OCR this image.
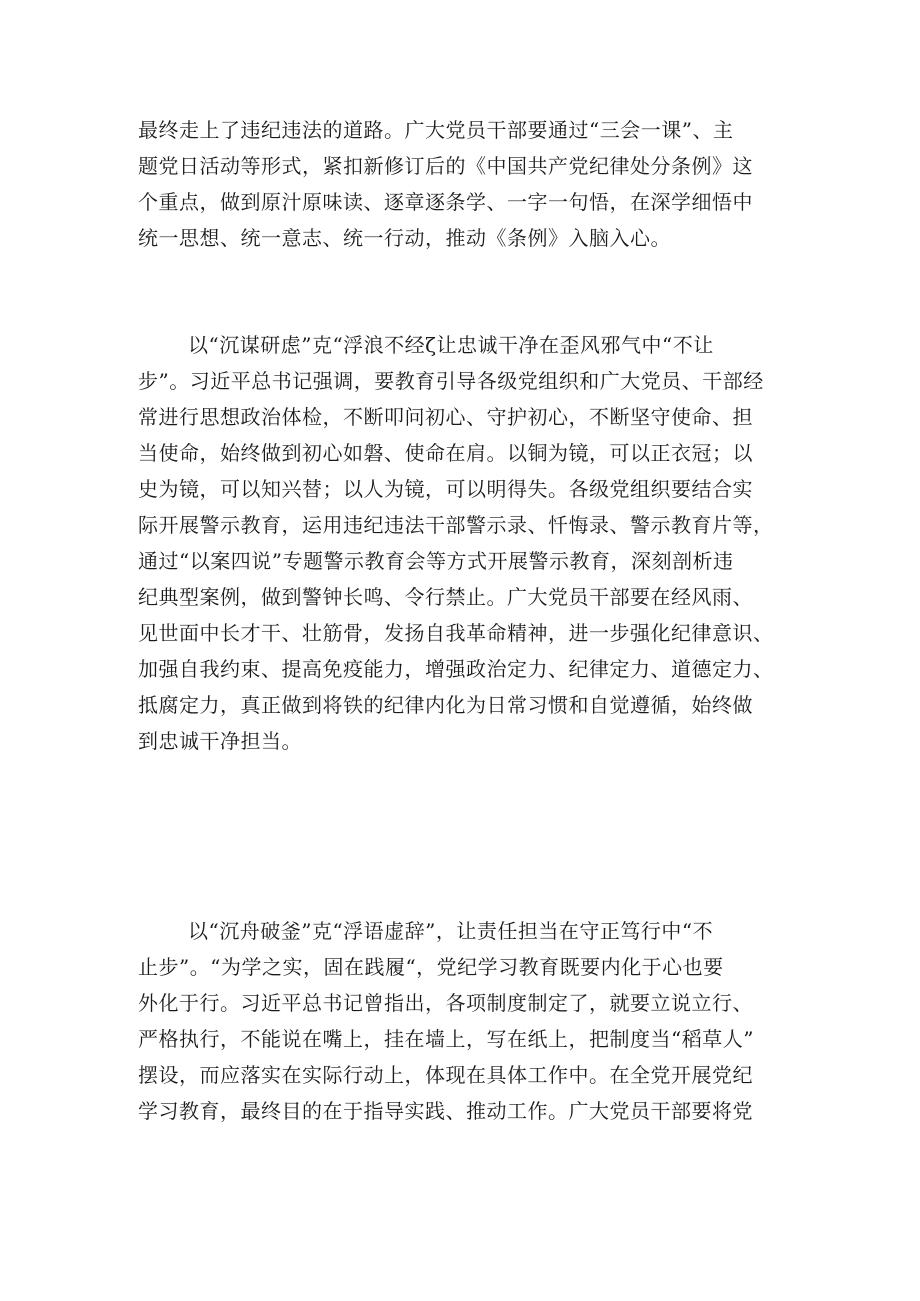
最终走上了违纪违法的道路。广大党员干部要通过“三会一课”、主
题党日活动等形式，紧扣新修订后的《中国共产党纪律处分条例》这
个重点，做到原汁原味读、逐章逐条学、一字一句悟，在深学细悟中
统一思想、统一意志、统一行动，推动《条例》入脑入心。
以“沉谋研虑”克“浮浪不经ζ让忠诚干净在歪风邪气中“不让
步”。习近平总书记强调，要教育引导各级党组织和广大党员、干部经
常进行思想政治体检，不断叩问初心、守护初心，不断坚守使命、担
当使命，始终做到初心如磐、使命在肩。以铜为镜，可以正衣冠；以
史为镜，可以知兴替；以人为镜，可以明得失。各级党组织要结合实
际开展警示教育，运用违纪违法干部警示录、忏悔录、警示教育片等，
通过“以案四说”专题警示教育会等方式开展警示教育，深刻剖析违
纪典型案例，做到警钟长鸣、令行禁止。广大党员干部要在经风雨、
见世面中长才干、壮筋骨，发扬自我革命精神，进一步强化纪律意识、
加强自我约束、提高免疫能力，增强政治定力、纪律定力、道德定力、
抵腐定力，真正做到将铁的纪律内化为日常习惯和自觉遵循，始终做
到忠诚干净担当。
以“沉舟破釜”克“浮语虚辞”，让责任担当在守正笃行中“不
止步”。“为学之实，固在践履“，党纪学习教育既要内化于心也要
外化于行。习近平总书记曾指出，各项制度制定了，就要立说立行、
严格执行，不能说在嘴上，挂在墙上，写在纸上，把制度当“稻草人”
摆设，而应落实在实际行动上，体现在具体工作中。在全党开展党纪
学习教育，最终目的在于指导实践、推动工作。广大党员干部要将党
